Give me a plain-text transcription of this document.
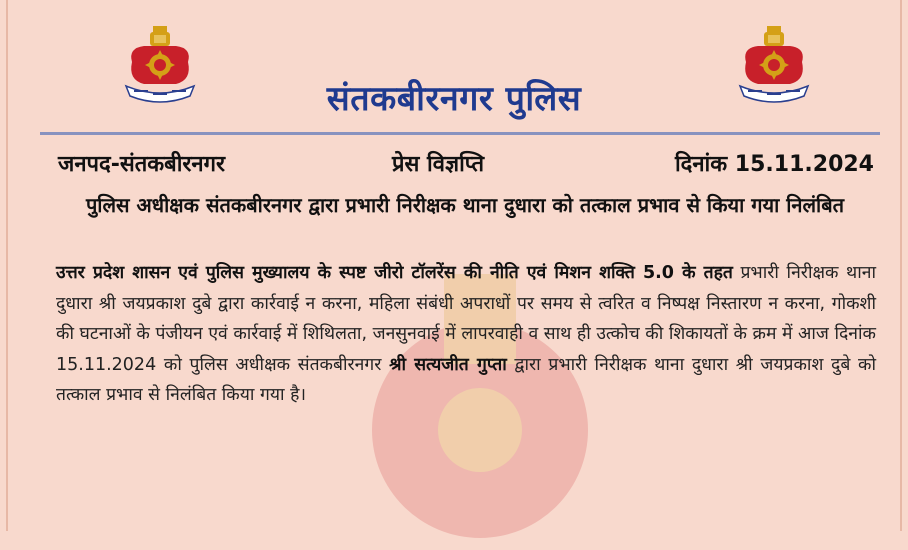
संतकबीरनगर पुलिस
जनपद-संतकबीरनगर	प्रेस विज्ञप्ति	दिनांक 15.11.2024
पुलिस अधीक्षक संतकबीरनगर द्वारा प्रभारी निरीक्षक थाना दुधारा को तत्काल प्रभाव से किया गया निलंबित
उत्तर प्रदेश शासन एवं पुलिस मुख्यालय के स्पष्ट जीरो टॉलरेंस की नीति एवं मिशन शक्ति 5.0 के तहत प्रभारी निरीक्षक थाना दुधारा श्री जयप्रकाश दुबे द्वारा कार्रवाई न करना, महिला संबंधी अपराधों पर समय से त्वरित व निष्पक्ष निस्तारण न करना, गोकशी की घटनाओं के पंजीयन एवं कार्रवाई में शिथिलता, जनसुनवाई में लापरवाही व साथ ही उत्कोच की शिकायतों के क्रम में आज दिनांक 15.11.2024 को पुलिस अधीक्षक संतकबीरनगर श्री सत्यजीत गुप्ता द्वारा प्रभारी निरीक्षक थाना दुधारा श्री जयप्रकाश दुबे को तत्काल प्रभाव से निलंबित किया गया है।
